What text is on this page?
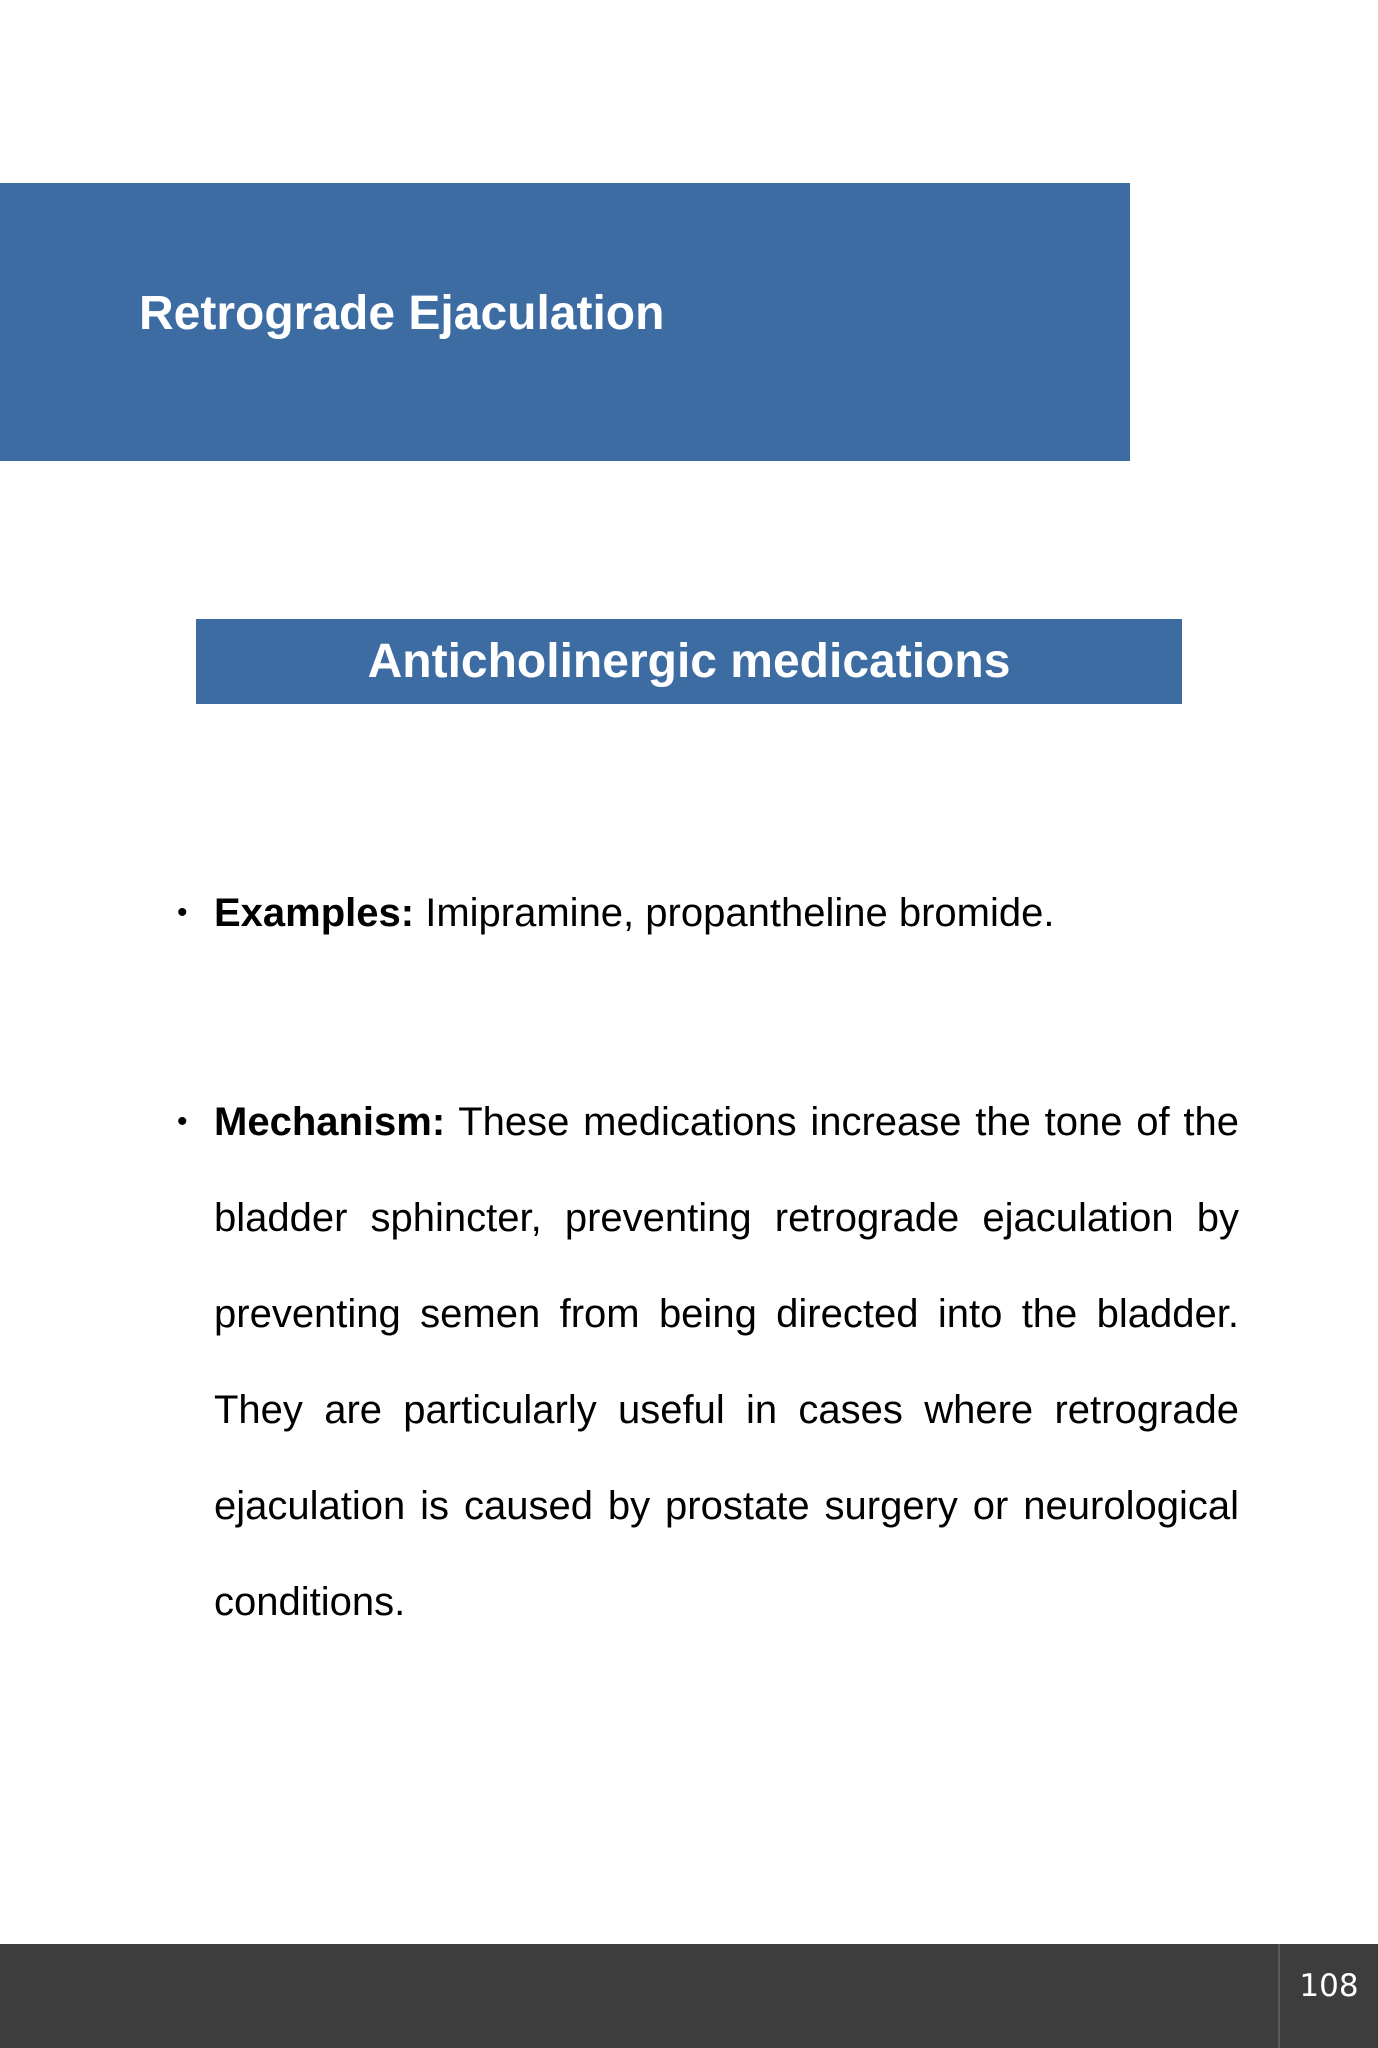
Retrograde Ejaculation
Anticholinergic medications
• Examples: Imipramine, propantheline bromide.
• Mechanism: These medications increase the tone of the bladder sphincter, preventing retrograde ejaculation by preventing semen from being directed into the bladder. They are particularly useful in cases where retrograde ejaculation is caused by prostate surgery or neurological conditions.
108
